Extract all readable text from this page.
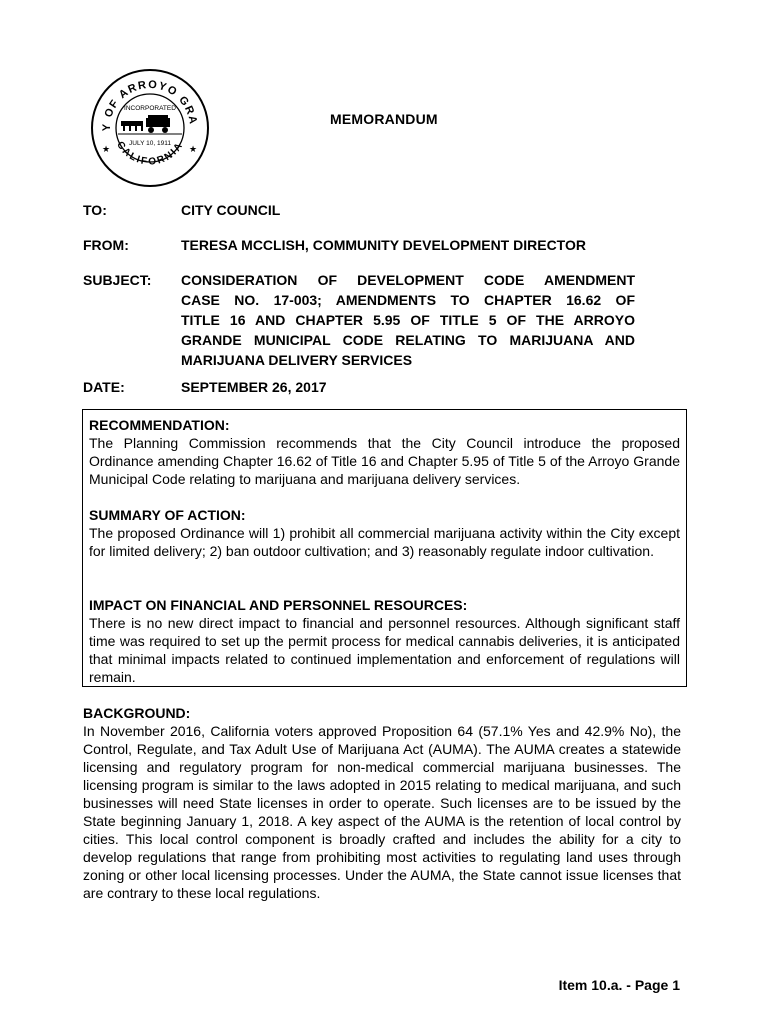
Y OF ARROYO GRA
CALIFORNIA
INCORPORATED
JULY 10, 1911
★	★
MEMORANDUM
TO:	CITY COUNCIL
FROM:	TERESA MCCLISH, COMMUNITY DEVELOPMENT DIRECTOR
SUBJECT: CONSIDERATION OF DEVELOPMENT CODE AMENDMENT
CASE NO. 17-003; AMENDMENTS TO CHAPTER 16.62 OF
TITLE 16 AND CHAPTER 5.95 OF TITLE 5 OF THE ARROYO
GRANDE MUNICIPAL CODE RELATING TO MARIJUANA AND
MARIJUANA DELIVERY SERVICES
DATE:	SEPTEMBER 26, 2017
RECOMMENDATION:

The Planning Commission recommends that the City Council introduce the proposed Ordinance amending Chapter 16.62 of Title 16 and Chapter 5.95 of Title 5 of the Arroyo Grande Municipal Code relating to marijuana and marijuana delivery services.

SUMMARY OF ACTION:

The proposed Ordinance will 1) prohibit all commercial marijuana activity within the City except for limited delivery; 2) ban outdoor cultivation; and 3) reasonably regulate indoor cultivation.

IMPACT ON FINANCIAL AND PERSONNEL RESOURCES:

There is no new direct impact to financial and personnel resources. Although significant staff time was required to set up the permit process for medical cannabis deliveries, it is anticipated that minimal impacts related to continued implementation and enforcement of regulations will remain.

BACKGROUND:

In November 2016, California voters approved Proposition 64 (57.1% Yes and 42.9% No), the Control, Regulate, and Tax Adult Use of Marijuana Act (AUMA). The AUMA creates a statewide licensing and regulatory program for non-medical commercial marijuana businesses. The licensing program is similar to the laws adopted in 2015 relating to medical marijuana, and such businesses will need State licenses in order to operate. Such licenses are to be issued by the State beginning January 1, 2018. A key aspect of the AUMA is the retention of local control by cities. This local control component is broadly crafted and includes the ability for a city to develop regulations that range from prohibiting most activities to regulating land uses through zoning or other local licensing processes. Under the AUMA, the State cannot issue licenses that are contrary to these local regulations.

Item 10.a. - Page 1
